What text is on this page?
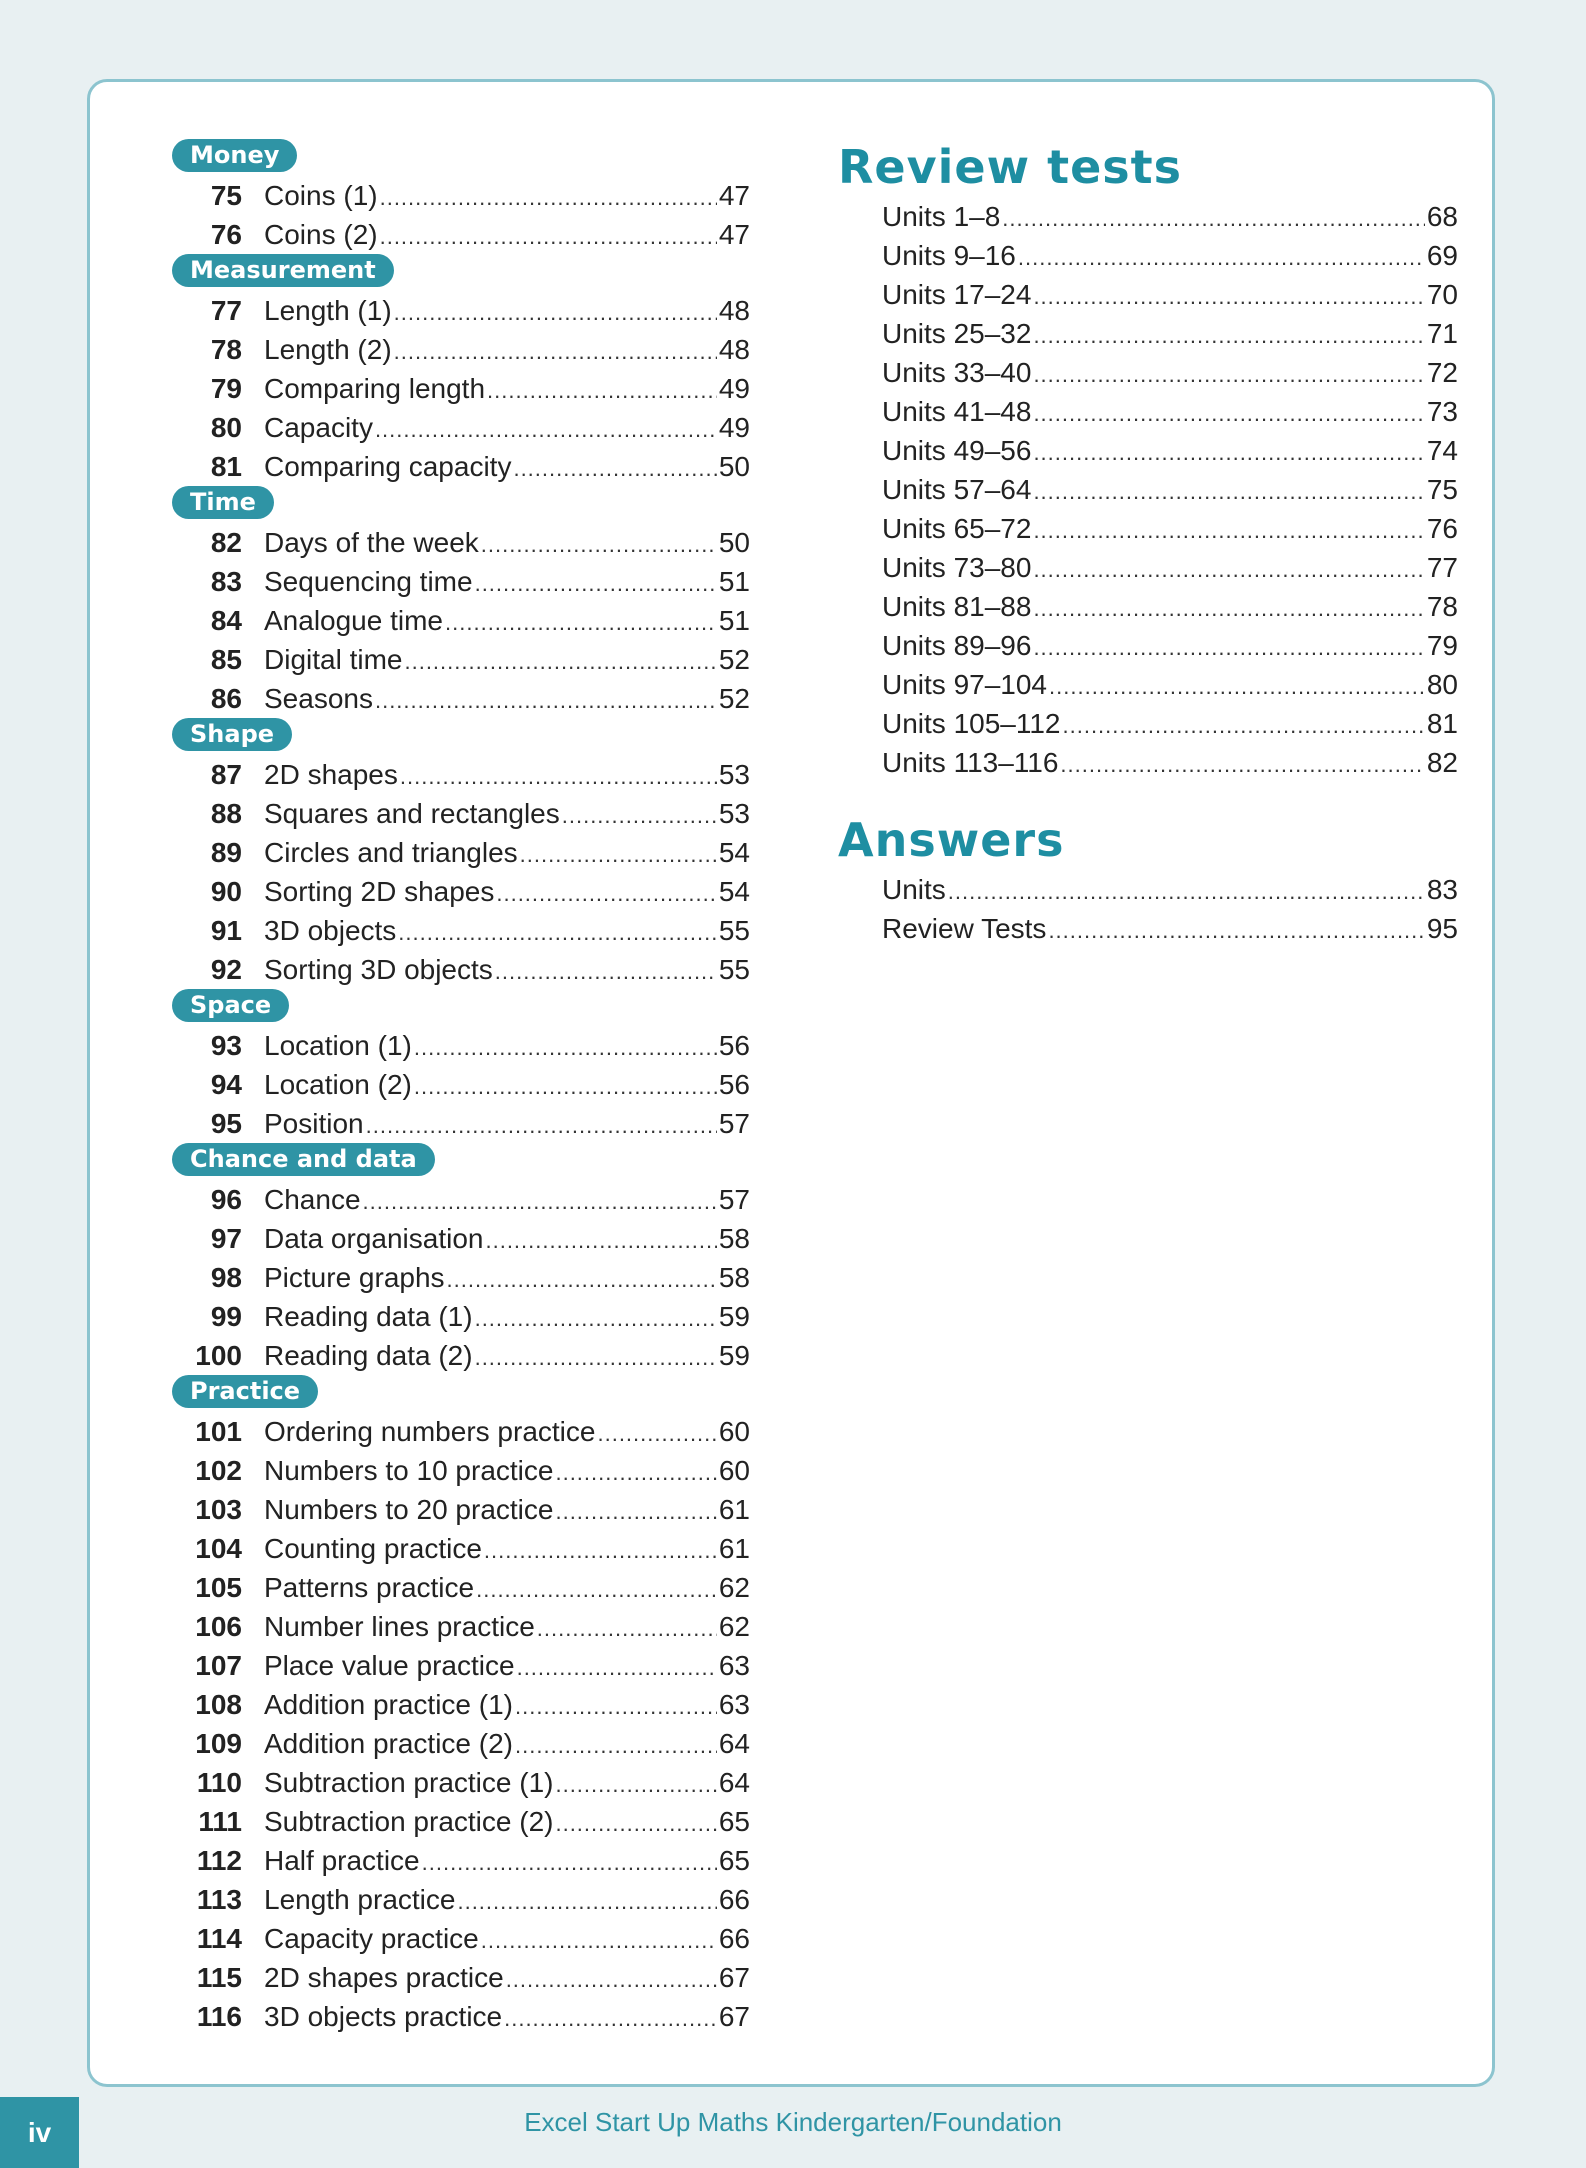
Money
75 Coins (1) .....	47
76 Coins (2) .....	47
Measurement
77 Length (1) .....	48
78 Length (2) .....	48
79 Comparing length .....	49
80 Capacity .....	49
81 Comparing capacity .....	50
Time
82 Days of the week .....	50
83 Sequencing time .....	51
84 Analogue time .....	51
85 Digital time .....	52
86 Seasons .....	52
Shape
87 2D shapes .....	53
88 Squares and rectangles .....	53
89 Circles and triangles .....	54
90 Sorting 2D shapes .....	54
91 3D objects .....	55
92 Sorting 3D objects .....	55
Space
93 Location (1) .....	56
94 Location (2) .....	56
95 Position .....	57
Chance and data
96 Chance .....	57
97 Data organisation .....	58
98 Picture graphs .....	58
99 Reading data (1) .....	59
100 Reading data (2) .....	59
Practice
101 Ordering numbers practice .....	60
102 Numbers to 10 practice .....	60
103 Numbers to 20 practice .....	61
104 Counting practice .....	61
105 Patterns practice .....	62
106 Number lines practice .....	62
107 Place value practice .....	63
108 Addition practice (1) .....	63
109 Addition practice (2) .....	64
110 Subtraction practice (1) .....	64
111 Subtraction practice (2) .....	65
112 Half practice .....	65
113 Length practice .....	66
114 Capacity practice .....	66
115 2D shapes practice .....	67
116 3D objects practice .....	67
Review tests
Units 1–8 .....	68
Units 9–16 .....	69
Units 17–24 .....	70
Units 25–32 .....	71
Units 33–40 .....	72
Units 41–48 .....	73
Units 49–56 .....	74
Units 57–64 .....	75
Units 65–72 .....	76
Units 73–80 .....	77
Units 81–88 .....	78
Units 89–96 .....	79
Units 97–104 .....	80
Units 105–112 .....	81
Units 113–116 .....	82
Answers
Units .....	83
Review Tests .....	95
iv	Excel Start Up Maths Kindergarten/Foundation
